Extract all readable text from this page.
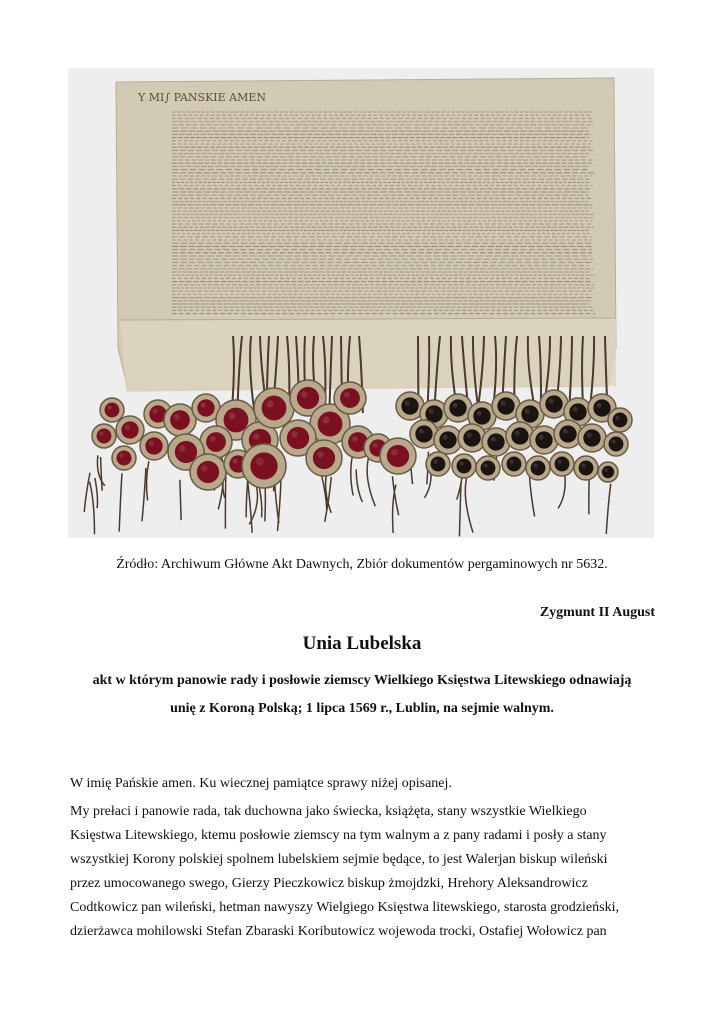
Y MI∫ PANSKIE AMEN
Źródło: Archiwum Główne Akt Dawnych, Zbiór dokumentów pergaminowych nr 5632.
Zygmunt II August
Unia Lubelska
akt w którym panowie rady i posłowie ziemscy Wielkiego Księstwa Litewskiego odnawiają
unię z Koroną Polską; 1 lipca 1569 r., Lublin, na sejmie walnym.

W imię Pańskie amen. Ku wiecznej pamiątce sprawy niżej opisanej.

My prełaci i panowie rada, tak duchowna jako świecka, książęta, stany wszystkie Wielkiego
Księstwa Litewskiego, ktemu posłowie ziemscy na tym walnym a z pany radami i posły a stany
wszystkiej Korony polskiej spolnem lubelskiem sejmie będące, to jest Walerjan biskup wileński
przez umocowanego swego, Gierzy Pieczkowicz biskup żmojdzki, Hrehory Aleksandrowicz
Codtkowicz pan wileński, hetman nawyszy Wielgiego Księstwa litewskiego, starosta grodzieński,
dzierżawca mohilowski Stefan Zbaraski Koributowicz wojewoda trocki, Ostafiej Wołowicz pan
